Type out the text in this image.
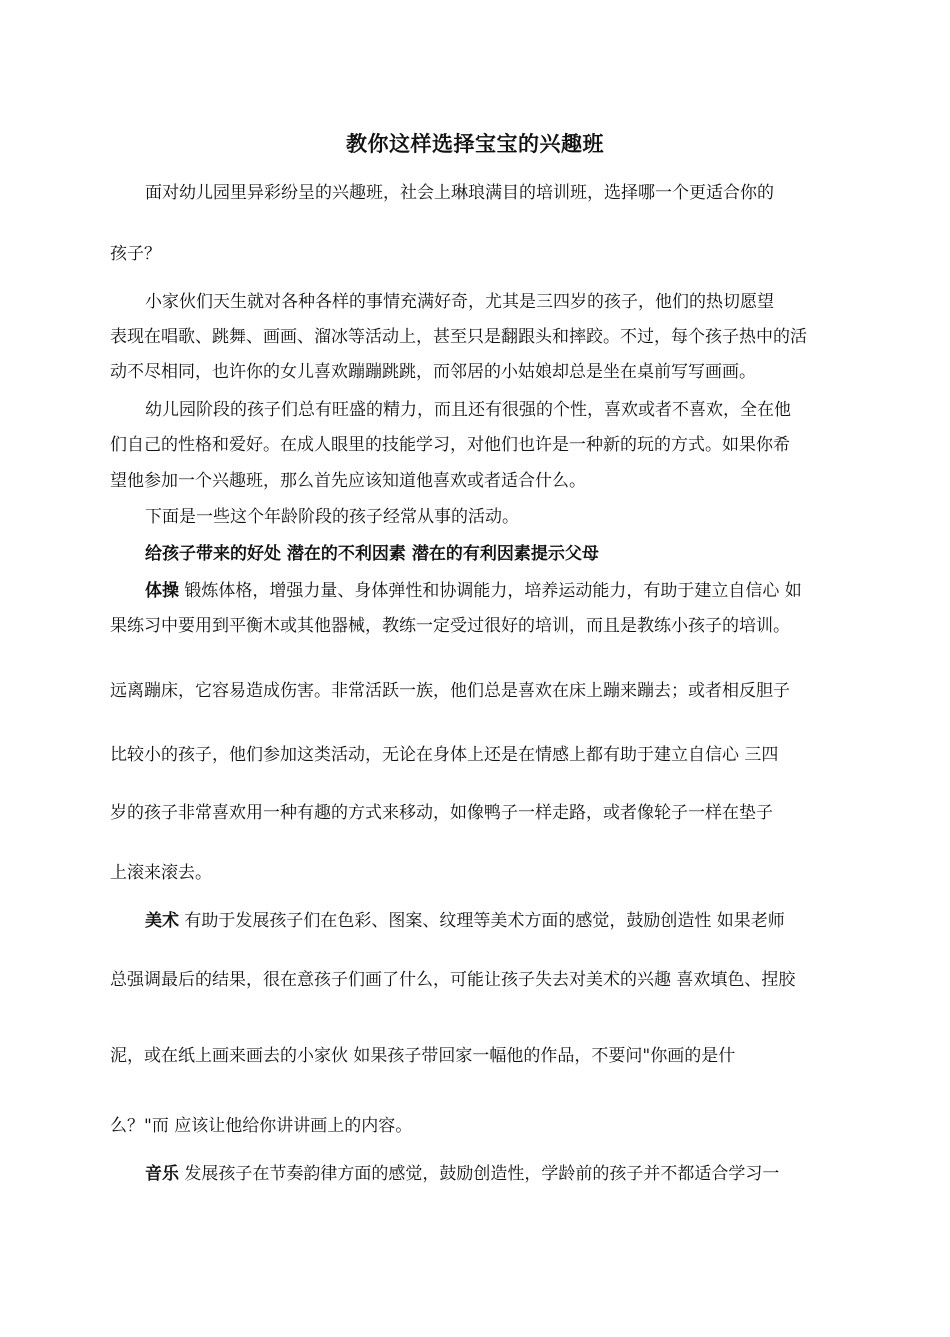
教你这样选择宝宝的兴趣班
面对幼儿园里异彩纷呈的兴趣班，社会上琳琅满目的培训班，选择哪一个更适合你的
孩子？
小家伙们天生就对各种各样的事情充满好奇，尤其是三四岁的孩子，他们的热切愿望
表现在唱歌、跳舞、画画、溜冰等活动上，甚至只是翻跟头和摔跤。不过，每个孩子热中的活
动不尽相同，也许你的女儿喜欢蹦蹦跳跳，而邻居的小姑娘却总是坐在桌前写写画画。
幼儿园阶段的孩子们总有旺盛的精力，而且还有很强的个性，喜欢或者不喜欢，全在他
们自己的性格和爱好。在成人眼里的技能学习，对他们也许是一种新的玩的方式。如果你希
望他参加一个兴趣班，那么首先应该知道他喜欢或者适合什么。
下面是一些这个年龄阶段的孩子经常从事的活动。
给孩子带来的好处 潜在的不利因素 潜在的有利因素提示父母
体操 锻炼体格，增强力量、身体弹性和协调能力，培养运动能力，有助于建立自信心 如
果练习中要用到平衡木或其他器械，教练一定受过很好的培训，而且是教练小孩子的培训。
远离蹦床，它容易造成伤害。非常活跃一族，他们总是喜欢在床上蹦来蹦去；或者相反胆子
比较小的孩子，他们参加这类活动，无论在身体上还是在情感上都有助于建立自信心 三四
岁的孩子非常喜欢用一种有趣的方式来移动，如像鸭子一样走路，或者像轮子一样在垫子
上滚来滚去。
美术 有助于发展孩子们在色彩、图案、纹理等美术方面的感觉，鼓励创造性 如果老师
总强调最后的结果，很在意孩子们画了什么，可能让孩子失去对美术的兴趣 喜欢填色、捏胶
泥，或在纸上画来画去的小家伙 如果孩子带回家一幅他的作品，不要问"你画的是什
么？"而 应该让他给你讲讲画上的内容。
音乐 发展孩子在节奏韵律方面的感觉，鼓励创造性，学龄前的孩子并不都适合学习一
